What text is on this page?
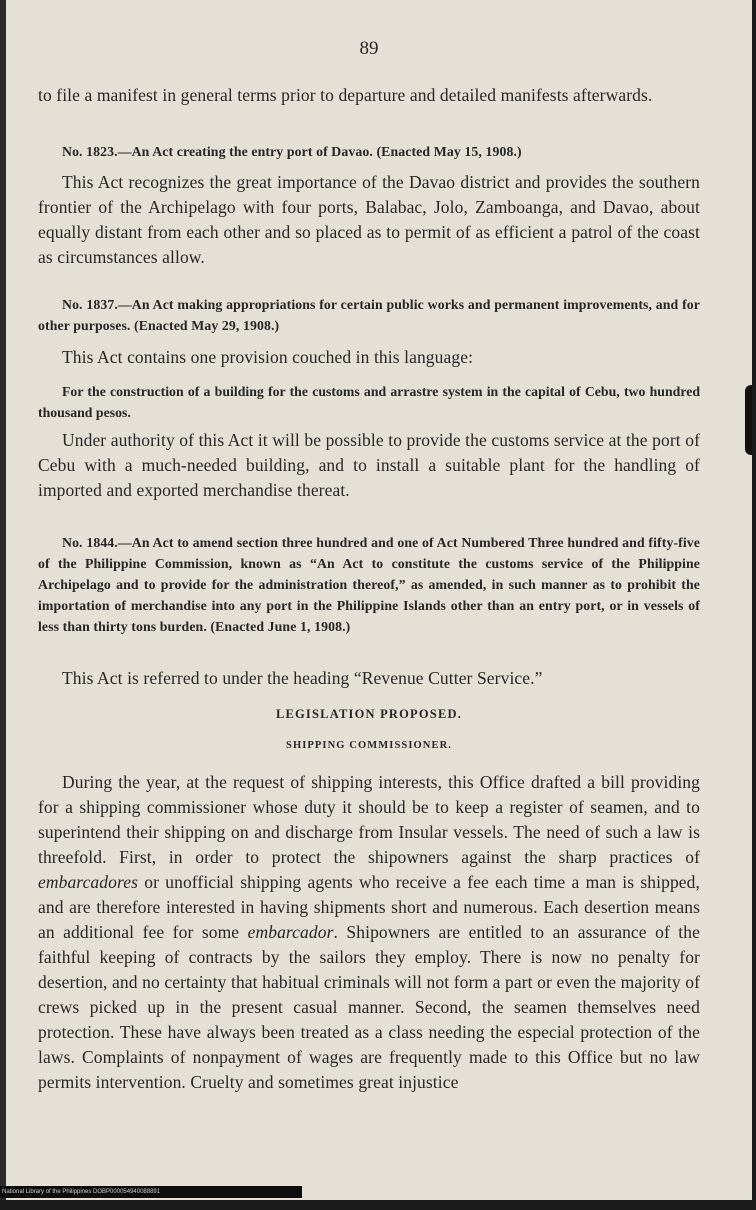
89

to file a manifest in general terms prior to departure and detailed manifests afterwards.

No. 1823.—An Act creating the entry port of Davao. (Enacted May 15, 1908.)

This Act recognizes the great importance of the Davao district and provides the southern frontier of the Archipelago with four ports, Balabac, Jolo, Zamboanga, and Davao, about equally distant from each other and so placed as to permit of as efficient a patrol of the coast as circumstances allow.

No. 1837.—An Act making appropriations for certain public works and permanent improvements, and for other purposes. (Enacted May 29, 1908.)

This Act contains one provision couched in this language:

For the construction of a building for the customs and arrastre system in the capital of Cebu, two hundred thousand pesos.

Under authority of this Act it will be possible to provide the customs service at the port of Cebu with a much-needed building, and to install a suitable plant for the handling of imported and exported merchandise thereat.

No. 1844.—An Act to amend section three hundred and one of Act Numbered Three hundred and fifty-five of the Philippine Commission, known as “An Act to constitute the customs service of the Philippine Archipelago and to provide for the administration thereof,” as amended, in such manner as to prohibit the importation of merchandise into any port in the Philippine Islands other than an entry port, or in vessels of less than thirty tons burden. (Enacted June 1, 1908.)

This Act is referred to under the heading “Revenue Cutter Service.”

LEGISLATION PROPOSED.
SHIPPING COMMISSIONER.

During the year, at the request of shipping interests, this Office drafted a bill providing for a shipping commissioner whose duty it should be to keep a register of seamen, and to superintend their shipping on and discharge from Insular vessels. The need of such a law is threefold. First, in order to protect the shipowners against the sharp practices of embarcadores or unofficial shipping agents who receive a fee each time a man is shipped, and are therefore interested in having shipments short and numerous. Each desertion means an additional fee for some embarcador. Shipowners are entitled to an assurance of the faithful keeping of contracts by the sailors they employ. There is now no penalty for desertion, and no certainty that habitual criminals will not form a part or even the majority of crews picked up in the present casual manner. Second, the seamen themselves need protection. These have always been treated as a class needing the especial protection of the laws. Complaints of nonpayment of wages are frequently made to this Office but no law permits intervention. Cruelty and sometimes great injustice

National Library of the Philippines DOBP000054940088891
